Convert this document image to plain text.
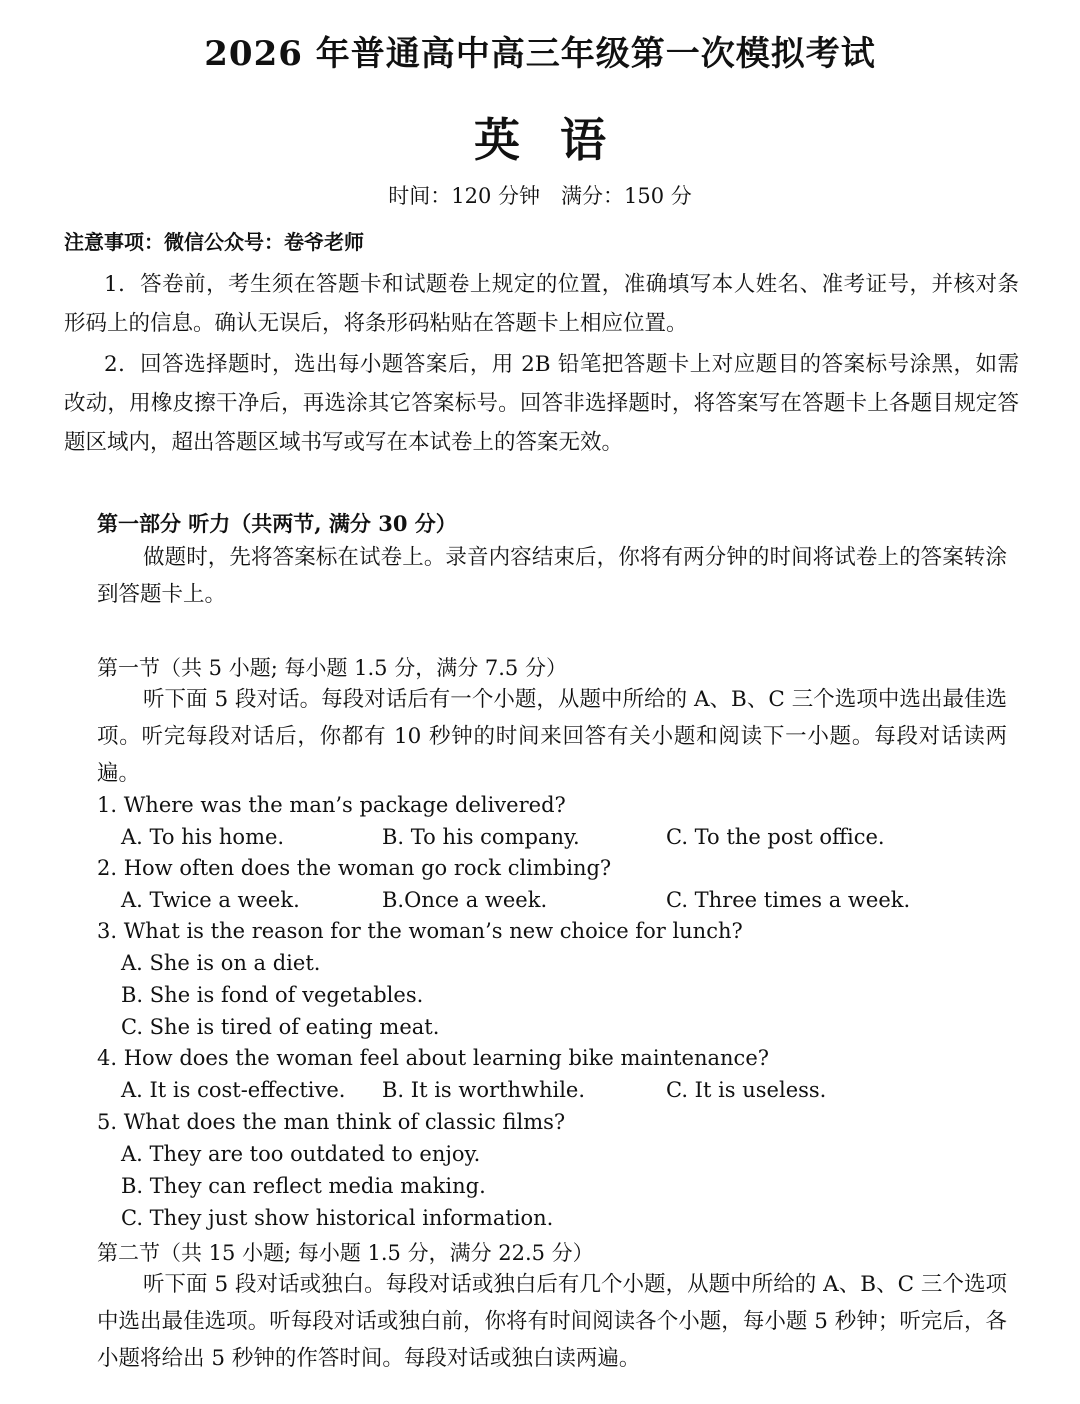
2026 年普通高中高三年级第一次模拟考试
英语
时间：120 分钟　满分：150 分
注意事项：微信公众号：卷爷老师

1．答卷前，考生须在答题卡和试题卷上规定的位置，准确填写本人姓名、准考证号，并核对条形码上的信息。确认无误后，将条形码粘贴在答题卡上相应位置。

2．回答选择题时，选出每小题答案后，用 2B 铅笔把答题卡上对应题目的答案标号涂黑，如需改动，用橡皮擦干净后，再选涂其它答案标号。回答非选择题时，将答案写在答题卡上各题目规定答题区域内，超出答题区域书写或写在本试卷上的答案无效。

第一部分 听力（共两节, 满分 30 分）

做题时，先将答案标在试卷上。录音内容结束后，你将有两分钟的时间将试卷上的答案转涂到答题卡上。

第一节（共 5 小题; 每小题 1.5 分，满分 7.5 分）

听下面 5 段对话。每段对话后有一个小题，从题中所给的 A、B、C 三个选项中选出最佳选项。听完每段对话后，你都有 10 秒钟的时间来回答有关小题和阅读下一小题。每段对话读两遍。

1. Where was the man’s package delivered?
A. To his home.	B. To his company.	C. To the post office.
2. How often does the woman go rock climbing?
A. Twice a week.	B.Once a week.	C. Three times a week.
3. What is the reason for the woman’s new choice for lunch?
A. She is on a diet.
B. She is fond of vegetables.
C. She is tired of eating meat.
4. How does the woman feel about learning bike maintenance?
A. It is cost-effective. B. It is worthwhile.	C. It is useless.
5. What does the man think of classic films?
A. They are too outdated to enjoy.
B. They can reflect media making.
C. They just show historical information.
第二节（共 15 小题; 每小题 1.5 分，满分 22.5 分）

听下面 5 段对话或独白。每段对话或独白后有几个小题，从题中所给的 A、B、C 三个选项中选出最佳选项。听每段对话或独白前，你将有时间阅读各个小题，每小题 5 秒钟；听完后，各小题将给出 5 秒钟的作答时间。每段对话或独白读两遍。
